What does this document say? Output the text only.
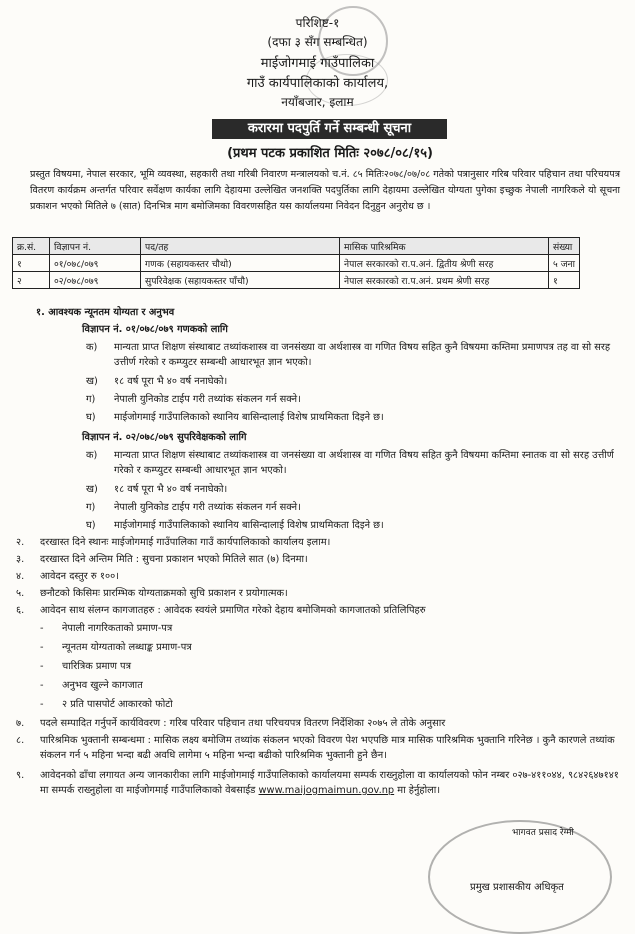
परिशिष्ट-१
(दफा ३ सँग सम्बन्धित)
माईजोगमाई गाउँपालिका
गाउँ कार्यपालिकाको कार्यालय,
नयाँबजार, इलाम
करारमा पदपुर्ति गर्ने सम्बन्धी सूचना
(प्रथम पटक प्रकाशित मितिः २०७८/०८/१५)
प्रस्तुत विषयमा, नेपाल सरकार, भूमि व्यवस्था, सहकारी तथा गरिबी निवारण मन्त्रालयको च.नं. ८५ मितिः२०७८/०७/०८ गतेको पत्रानुसार गरिब परिवार पहिचान तथा परिचयपत्र वितरण कार्यक्रम अन्तर्गत परिवार सर्वेक्षण कार्यका लागि देहायमा उल्लेखित जनशक्ति पदपुर्तिका लागि देहायमा उल्लेखित योग्यता पुगेका इच्छुक नेपाली नागरिकले यो सूचना प्रकाशन भएको मितिले ७ (सात) दिनभित्र माग बमोजिमका विवरणसहित यस कार्यालयमा निवेदन दिनुहुन अनुरोध छ ।
क्र.सं.	विज्ञापन नं.	पद/तह	मासिक पारिश्रमिक	संख्या
१	०१/०७८/०७९	गणक (सहायकस्तर चौथो)	नेपाल सरकारको रा.प.अनं. द्वितीय श्रेणी सरह	५ जना
२	०२/०७८/०७९	सुपरिवेक्षक (सहायकस्तर पाँचौ)	नेपाल सरकारको रा.प.अनं. प्रथम श्रेणी सरह	१
१. आवश्यक न्यूनतम योग्यता र अनुभव
विज्ञापन नं. ०१/०७८/०७९ गणकको लागि
क)	मान्यता प्राप्त शिक्षण संस्थाबाट तथ्यांकशास्त्र वा जनसंख्या वा अर्थशास्त्र वा गणित विषय सहित कुनै विषयमा कम्तिमा प्रमाणपत्र तह वा सो सरह उत्तीर्ण गरेको र कम्प्युटर सम्बन्धी आधारभूत ज्ञान भएको।
ख)	१८ वर्ष पूरा भै ४० वर्ष ननाघेको।
ग)	नेपाली युनिकोड टाईप गरी तथ्यांक संकलन गर्न सक्ने।
घ)	माईजोगमाई गाउँपालिकाको स्थानिय बासिन्दालाई विशेष प्राथमिकता दिइने छ।
विज्ञापन नं. ०२/०७८/०७९ सुपरिवेक्षकको लागि
क)	मान्यता प्राप्त शिक्षण संस्थाबाट तथ्यांकशास्त्र वा जनसंख्या वा अर्थशास्त्र वा गणित विषय सहित कुनै विषयमा कम्तिमा स्नातक वा सो सरह उत्तीर्ण गरेको र कम्प्युटर सम्बन्धी आधारभूत ज्ञान भएको।
ख)	१८ वर्ष पूरा भै ४० वर्ष ननाघेको।
ग)	नेपाली युनिकोड टाईप गरी तथ्यांक संकलन गर्न सक्ने।
घ)	माईजोगमाई गाउँपालिकाको स्थानिय बासिन्दालाई विशेष प्राथमिकता दिइने छ।
२.	दरखास्त दिने स्थानः माईजोगमाई गाउँपालिका गाउँ कार्यपालिकाको कार्यालय इलाम।
३.	दरखास्त दिने अन्तिम मिति : सुचना प्रकाशन भएको मितिले सात (७) दिनमा।
४.	आवेदन दस्तुर रु १००।
५.	छनौटको किसिमः प्रारम्भिक योग्यताक्रमको सुचि प्रकाशन र प्रयोगात्मक।
६.	आवेदन साथ संलग्न कागजातहरु : आवेदक स्वयंले प्रमाणित गरेको देहाय बमोजिमको कागजातको प्रतिलिपिहरु
- नेपाली नागरिकताको प्रमाण-पत्र
- न्यूनतम योग्यताको लब्धाङ्क प्रमाण-पत्र
- चारित्रिक प्रमाण पत्र
- अनुभव खुल्ने कागजात
- २ प्रति पासपोर्ट आकारको फोटो
७.	पदले सम्पादित गर्नुपर्ने कार्यविवरण : गरिब परिवार पहिचान तथा परिचयपत्र वितरण निर्देशिका २०७५ ले तोके अनुसार
८.	पारिश्रमिक भुक्तानी सम्बन्धमा : मासिक लक्ष्य बमोजिम तथ्यांक संकलन भएको विवरण पेश भएपछि मात्र मासिक पारिश्रमिक भुक्तानि गरिनेछ । कुनै कारणले तथ्यांक संकलन गर्न ५ महिना भन्दा बढी अवधि लागेमा ५ महिना भन्दा बढीको पारिश्रमिक भुक्तानी हुने छैन।
९.	आवेदनको ढाँचा लगायत अन्य जानकारीका लागि माईजोगमाई गाउँपालिकाको कार्यालयमा सम्पर्क राख्नुहोला वा कार्यालयको फोन नम्बर ०२७-४११०४४, ९८४२६४७१४१ मा सम्पर्क राख्नुहोला वा माईजोगमाई गाउँपालिकाको वेबसाईड www.maijogmaimun.gov.np मा हेर्नुहोला।
भागवत प्रसाद रेग्मी
प्रमुख प्रशासकीय अधिकृत
